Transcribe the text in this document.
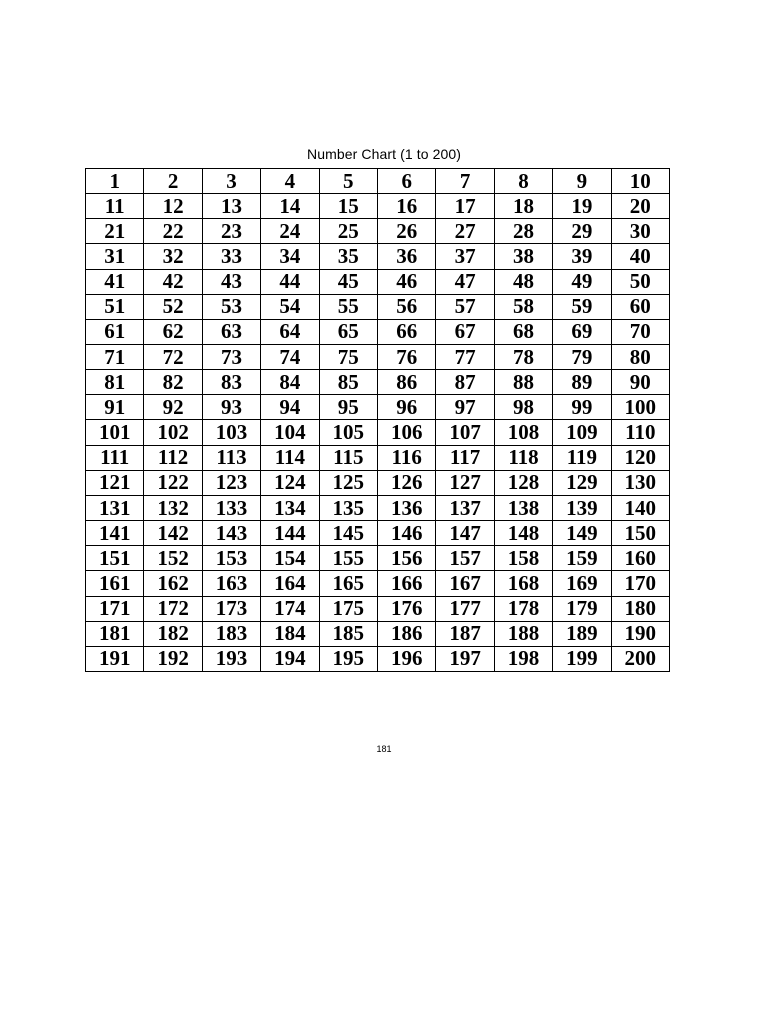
Number Chart (1 to 200)
1	2	3	4	5	6	7	8	9	10
11	12	13	14	15	16	17	18	19	20
21	22	23	24	25	26	27	28	29	30
31	32	33	34	35	36	37	38	39	40
41	42	43	44	45	46	47	48	49	50
51	52	53	54	55	56	57	58	59	60
61	62	63	64	65	66	67	68	69	70
71	72	73	74	75	76	77	78	79	80
81	82	83	84	85	86	87	88	89	90
91	92	93	94	95	96	97	98	99	100
101	102	103	104	105	106	107	108	109	110
111	112	113	114	115	116	117	118	119	120
121	122	123	124	125	126	127	128	129	130
131	132	133	134	135	136	137	138	139	140
141	142	143	144	145	146	147	148	149	150
151	152	153	154	155	156	157	158	159	160
161	162	163	164	165	166	167	168	169	170
171	172	173	174	175	176	177	178	179	180
181	182	183	184	185	186	187	188	189	190
191	192	193	194	195	196	197	198	199	200
181
